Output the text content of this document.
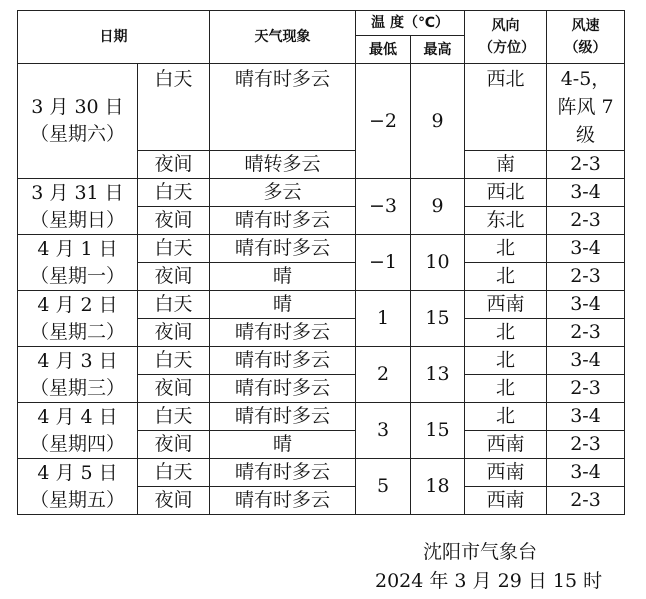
日期		天气现象	温 度（℃）		风向（方位）	风速（级）
			最低	最高		

3 月 30 日
（星期六）	白天	晴有时多云	−2	9	西北	4-5，阵风 7 级
	夜间	晴转多云			南	2-3

3 月 31 日
（星期日）	白天	多云	−3	9	西北	3-4
	夜间	晴有时多云			东北	2-3

4 月 1 日
（星期一）	白天	晴有时多云	−1	10	北	3-4
	夜间	晴			北	2-3

4 月 2 日
（星期二）	白天	晴	1	15	西南	3-4
	夜间	晴有时多云			北	2-3

4 月 3 日
（星期三）	白天	晴有时多云	2	13	北	3-4
	夜间	晴有时多云			北	2-3

4 月 4 日
（星期四）	白天	晴有时多云	3	15	北	3-4
	夜间	晴			西南	2-3

4 月 5 日
（星期五）	白天	晴有时多云	5	18	西南	3-4
	夜间	晴有时多云			西南	2-3
沈阳市气象台
2024 年 3 月 29 日 15 时
